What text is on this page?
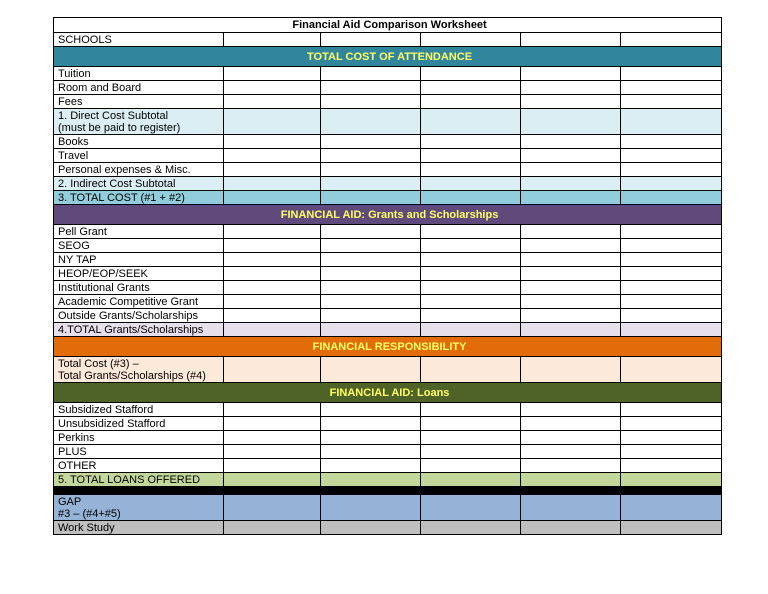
Financial Aid Comparison Worksheet					
SCHOOLS					
TOTAL COST OF ATTENDANCE					
Tuition					
Room and Board					
Fees					
1. Direct Cost Subtotal
(must be paid to register)					
Books					
Travel					
Personal expenses & Misc.					
2. Indirect Cost Subtotal					
3. TOTAL COST (#1 + #2)					
FINANCIAL AID: Grants and Scholarships					
Pell Grant					
SEOG					
NY TAP					
HEOP/EOP/SEEK					
Institutional Grants					
Academic Competitive Grant					
Outside Grants/Scholarships					
4.TOTAL Grants/Scholarships					
FINANCIAL RESPONSIBILITY					
Total Cost (#3) –
Total Grants/Scholarships (#4)					
FINANCIAL AID: Loans					
Subsidized Stafford					
Unsubsidized Stafford					
Perkins					
PLUS					
OTHER					
5. TOTAL LOANS OFFERED					

GAP
#3 – (#4+#5)					
Work Study					
